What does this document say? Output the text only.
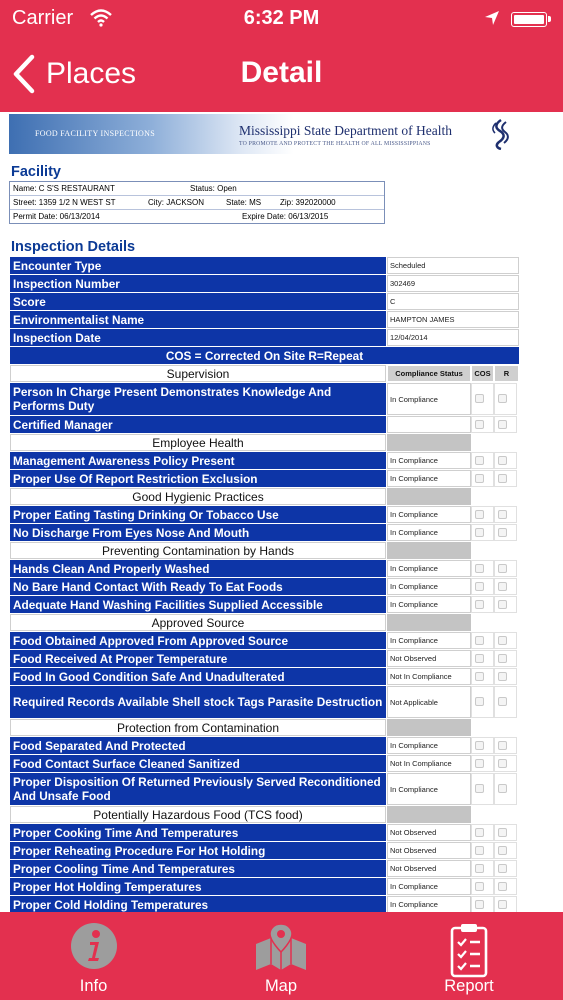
Carrier	6:32 PM
Places	Detail
FOOD FACILITY INSPECTIONS	Mississippi State Department of Health
TO PROMOTE AND PROTECT THE HEALTH OF ALL MISSISSIPPIANS
Facility
Name: C S'S RESTAURANT	Status: Open
Street: 1359 1/2 N WEST ST	City: JACKSON	State: MS Zip: 392020000
Permit Date: 06/13/2014	Expire Date: 06/13/2015
Inspection Details
Encounter Type	Scheduled
Inspection Number	302469
Score	C
Environmentalist Name	HAMPTON JAMES
Inspection Date	12/04/2014
COS = Corrected On Site R=Repeat
Supervision	Compliance Status	COS	R
Person In Charge Present Demonstrates Knowledge And Performs Duty	In Compliance
Certified Manager
Employee Health
Management Awareness Policy Present	In Compliance
Proper Use Of Report Restriction Exclusion	In Compliance
Good Hygienic Practices
Proper Eating Tasting Drinking Or Tobacco Use	In Compliance
No Discharge From Eyes Nose And Mouth	In Compliance
Preventing Contamination by Hands
Hands Clean And Properly Washed	In Compliance
No Bare Hand Contact With Ready To Eat Foods	In Compliance
Adequate Hand Washing Facilities Supplied Accessible	In Compliance
Approved Source
Food Obtained Approved From Approved Source	In Compliance
Food Received At Proper Temperature	Not Observed
Food In Good Condition Safe And Unadulterated	Not In Compliance
Required Records Available Shell stock Tags Parasite Destruction	Not Applicable
Protection from Contamination
Food Separated And Protected	In Compliance
Food Contact Surface Cleaned Sanitized	Not In Compliance
Proper Disposition Of Returned Previously Served Reconditioned And Unsafe Food	In Compliance
Potentially Hazardous Food (TCS food)
Proper Cooking Time And Temperatures	Not Observed
Proper Reheating Procedure For Hot Holding	Not Observed
Proper Cooling Time And Temperatures	Not Observed
Proper Hot Holding Temperatures	In Compliance
Proper Cold Holding Temperatures	In Compliance
Info	Map	Report
